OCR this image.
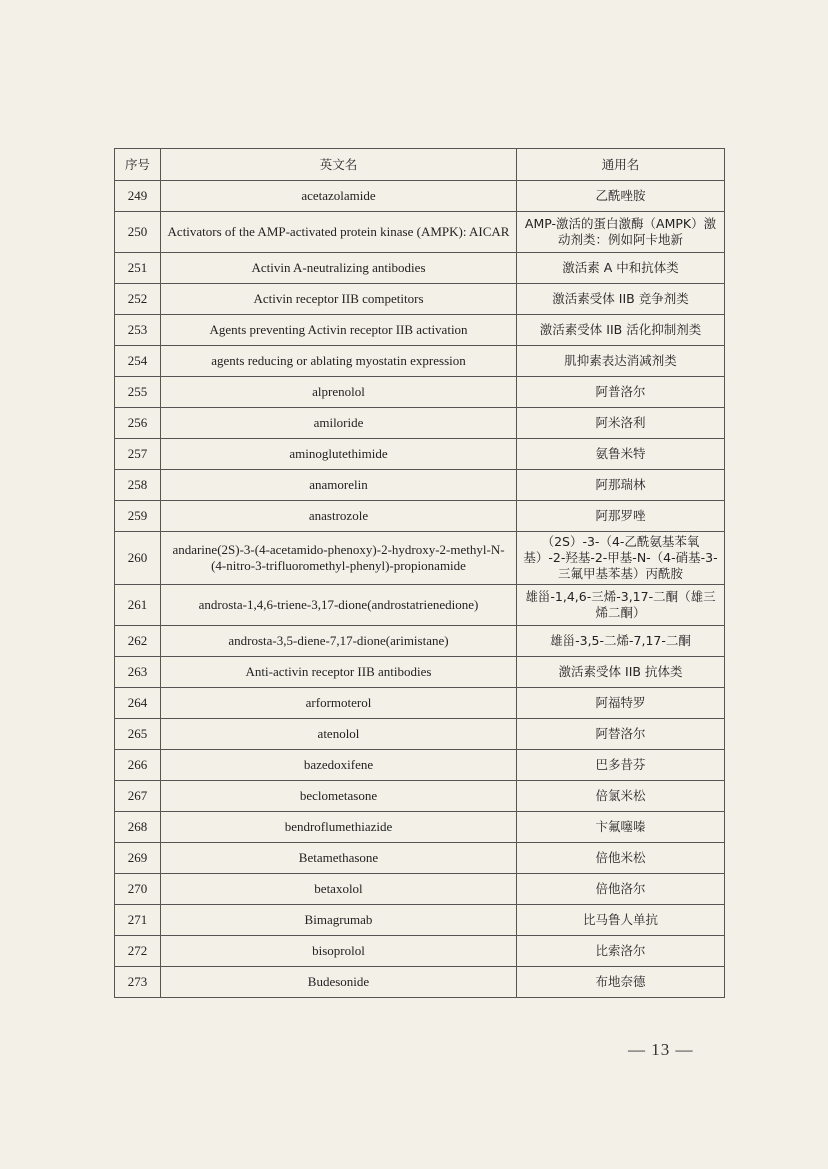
序号	英文名	通用名
249	acetazolamide	乙酰唑胺
250	Activators of the AMP-activated protein kinase (AMPK): AICAR	AMP-激活的蛋白激酶（AMPK）激动剂类：例如阿卡地新
251	Activin A-neutralizing antibodies	激活素 A 中和抗体类
252	Activin receptor IIB competitors	激活素受体 IIB 竞争剂类
253	Agents preventing Activin receptor IIB activation	激活素受体 IIB 活化抑制剂类
254	agents reducing or ablating myostatin expression	肌抑素表达消减剂类
255	alprenolol	阿普洛尔
256	amiloride	阿米洛利
257	aminoglutethimide	氨鲁米特
258	anamorelin	阿那瑞林
259	anastrozole	阿那罗唑
260	andarine(2S)-3-(4-acetamido-phenoxy)-2-hydroxy-2-methyl-N-(4-nitro-3-trifluoromethyl-phenyl)-propionamide	（2S）-3-（4-乙酰氨基苯氧基）-2-羟基-2-甲基-N-（4-硝基-3-三氟甲基苯基）丙酰胺
261	androsta-1,4,6-triene-3,17-dione(androstatrienedione)	雄甾-1,4,6-三烯-3,17-二酮（雄三烯二酮）
262	androsta-3,5-diene-7,17-dione(arimistane)	雄甾-3,5-二烯-7,17-二酮
263	Anti-activin receptor IIB antibodies	激活素受体 IIB 抗体类
264	arformoterol	阿福特罗
265	atenolol	阿替洛尔
266	bazedoxifene	巴多昔芬
267	beclometasone	倍氯米松
268	bendroflumethiazide	卞氟噻嗪
269	Betamethasone	倍他米松
270	betaxolol	倍他洛尔
271	Bimagrumab	比马鲁人单抗
272	bisoprolol	比索洛尔
273	Budesonide	布地奈德
— 13 —
